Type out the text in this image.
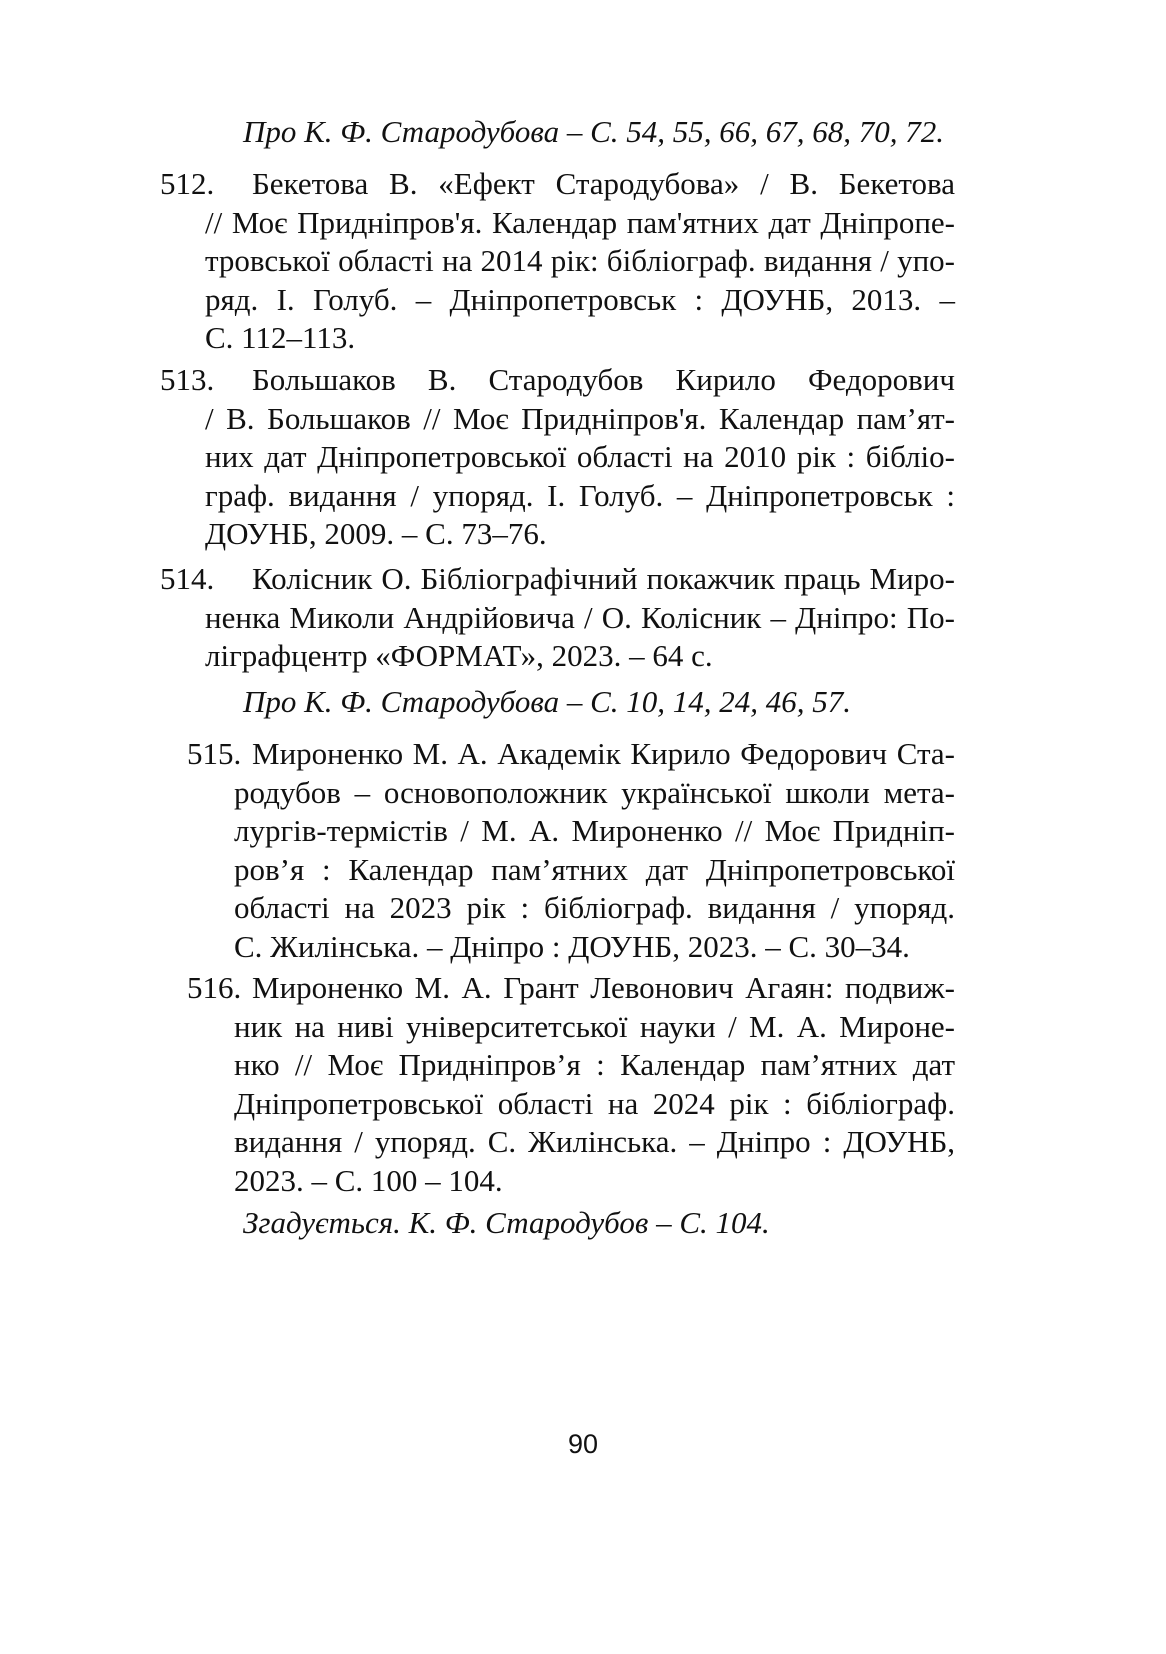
Про К. Ф. Стародубова – С. 54, 55, 66, 67, 68, 70, 72.
512. Бекетова В. «Ефект Стародубова» / В. Бекетова
// Моє Придніпров'я. Календар пам'ятних дат Дніпропе-
тровської області на 2014 рік: бібліограф. видання / упо-
ряд. І. Голуб. – Дніпропетровськ : ДОУНБ, 2013. –
С. 112–113.
513. Большаков В. Стародубов Кирило Федорович
/ В. Большаков // Моє Придніпров'я. Календар пам’ят-
них дат Дніпропетровської області на 2010 рік : бібліо-
граф. видання / упоряд. І. Голуб. – Дніпропетровськ :
ДОУНБ, 2009. – С. 73–76.
514. Колісник О. Бібліографічний покажчик праць Миро-
ненка Миколи Андрійовича / О. Колісник – Дніпро: По-
ліграфцентр «ФОРМАТ», 2023. – 64 с.
Про К. Ф. Стародубова – С. 10, 14, 24, 46, 57.
515. Мироненко М. А. Академік Кирило Федорович Ста-
родубов – основоположник української школи мета-
лургів-термістів / М. А. Мироненко // Моє Придніп-
ров’я : Календар пам’ятних дат Дніпропетровської
області на 2023 рік : бібліограф. видання / упоряд.
С. Жилінська. – Дніпро : ДОУНБ, 2023. – С. 30–34.
516. Мироненко М. А. Грант Левонович Агаян: подвиж-
ник на ниві університетської науки / М. А. Мироне-
нко // Моє Придніпров’я : Календар пам’ятних дат
Дніпропетровської області на 2024 рік : бібліограф.
видання / упоряд. С. Жилінська. – Дніпро : ДОУНБ,
2023. – С. 100 – 104.
Згадується. К. Ф. Стародубов – С. 104.
90
